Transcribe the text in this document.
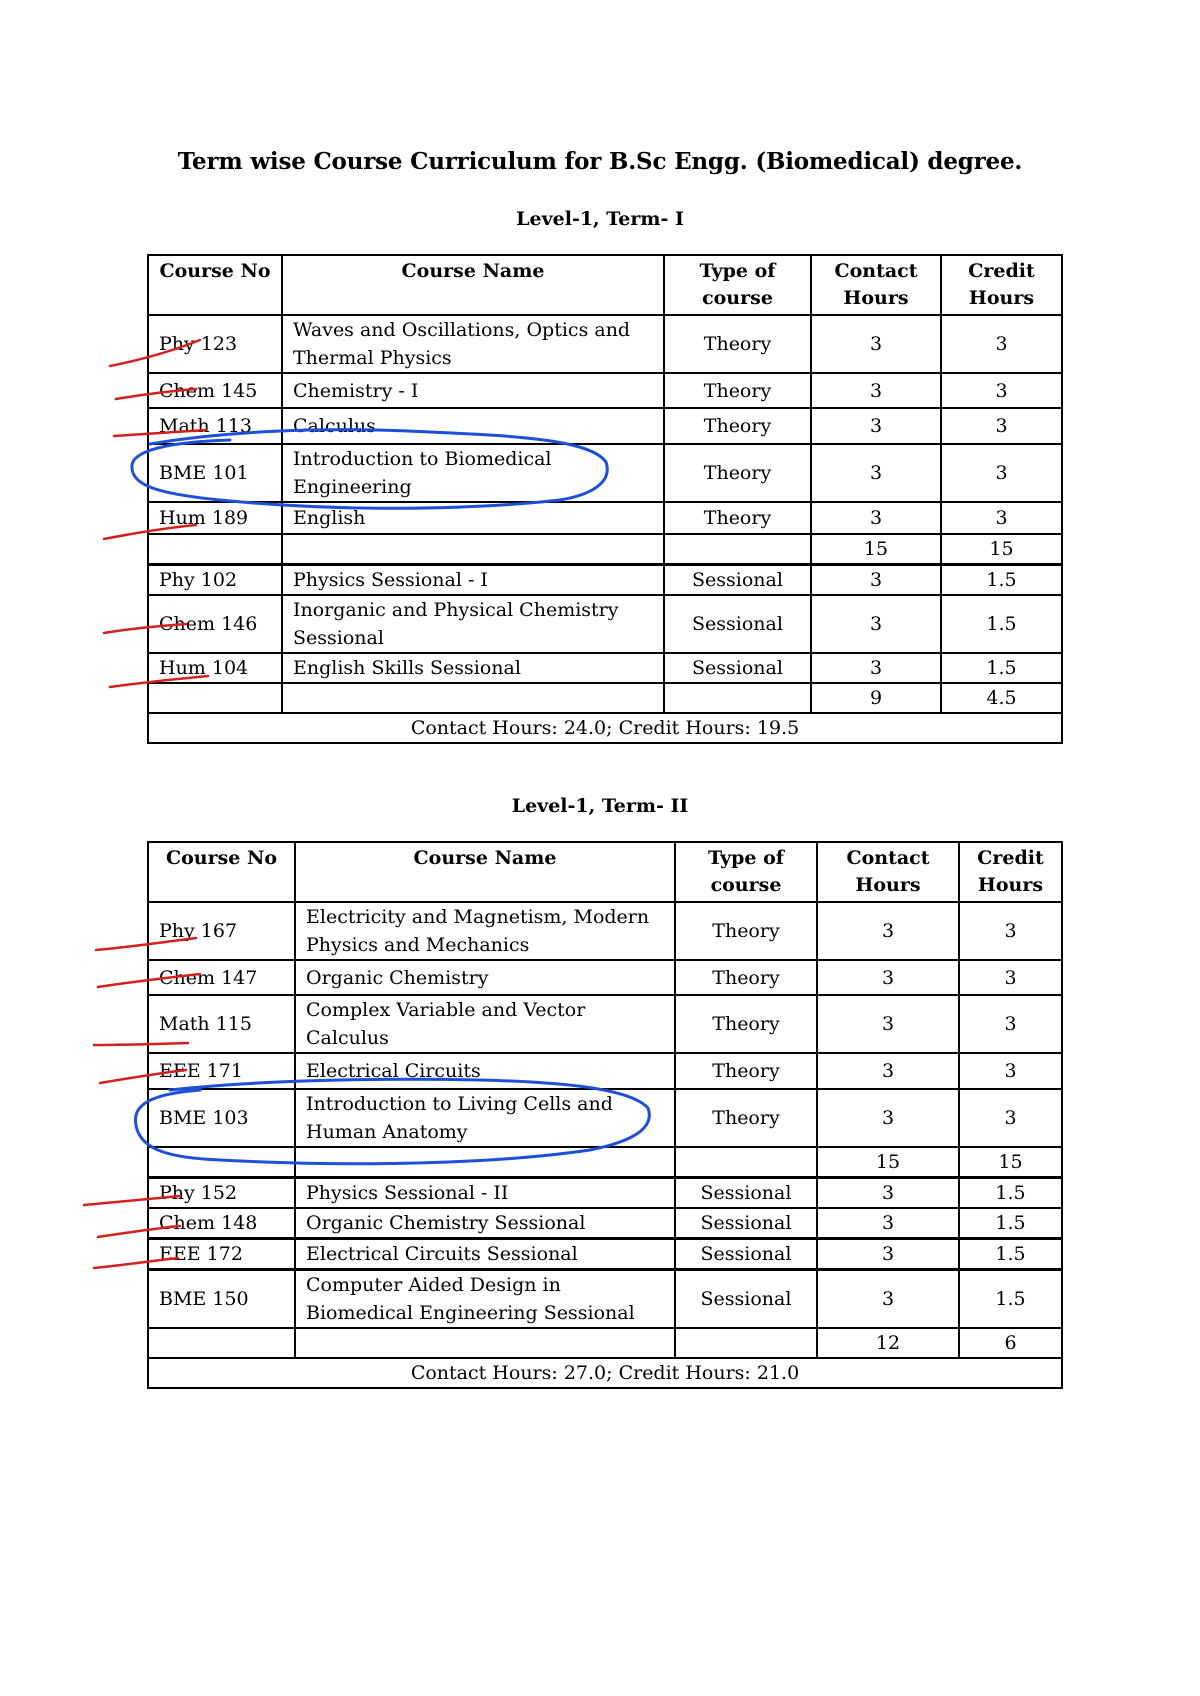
Term wise Course Curriculum for B.Sc Engg. (Biomedical) degree.
Level-1, Term- I
Course No	Course Name	Type of course	Contact Hours	Credit Hours
Phy 123	Waves and Oscillations, Optics and Thermal Physics	Theory	3	3
Chem 145	Chemistry - I	Theory	3	3
Math 113	Calculus	Theory	3	3
BME 101	Introduction to Biomedical Engineering	Theory	3	3
Hum 189	English	Theory	3	3
			15	15
Phy 102	Physics Sessional - I	Sessional	3	1.5
Chem 146	Inorganic and Physical Chemistry Sessional	Sessional	3	1.5
Hum 104	English Skills Sessional	Sessional	3	1.5
			9	4.5
Contact Hours: 24.0; Credit Hours: 19.5				
Level-1, Term- II
Course No	Course Name	Type of course	Contact Hours	Credit Hours
Phy 167	Electricity and Magnetism, Modern Physics and Mechanics	Theory	3	3
Chem 147	Organic Chemistry	Theory	3	3
Math 115	Complex Variable and Vector Calculus	Theory	3	3
EEE 171	Electrical Circuits	Theory	3	3
BME 103	Introduction to Living Cells and Human Anatomy	Theory	3	3
			15	15
Phy 152	Physics Sessional - II	Sessional	3	1.5
Chem 148	Organic Chemistry Sessional	Sessional	3	1.5
EEE 172	Electrical Circuits Sessional	Sessional	3	1.5
BME 150	Computer Aided Design in Biomedical Engineering Sessional	Sessional	3	1.5
			12	6
Contact Hours: 27.0; Credit Hours: 21.0				
